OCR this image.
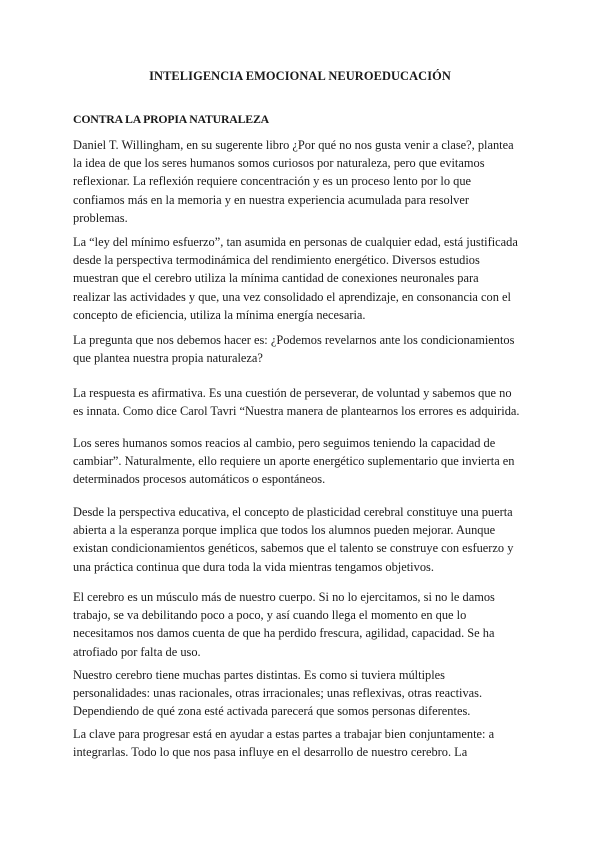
INTELIGENCIA EMOCIONAL NEUROEDUCACIÓN
CONTRA LA PROPIA NATURALEZA
Daniel T. Willingham, en su sugerente libro ¿Por qué no nos gusta venir a clase?, plantea
la idea de que los seres humanos somos curiosos por naturaleza, pero que evitamos
reflexionar. La reflexión requiere concentración y es un proceso lento por lo que
confiamos más en la memoria y en nuestra experiencia acumulada para resolver
problemas.
La “ley del mínimo esfuerzo”, tan asumida en personas de cualquier edad, está justificada
desde la perspectiva termodinámica del rendimiento energético. Diversos estudios
muestran que el cerebro utiliza la mínima cantidad de conexiones neuronales para
realizar las actividades y que, una vez consolidado el aprendizaje, en consonancia con el
concepto de eficiencia, utiliza la mínima energía necesaria.
La pregunta que nos debemos hacer es: ¿Podemos revelarnos ante los condicionamientos
que plantea nuestra propia naturaleza?
La respuesta es afirmativa. Es una cuestión de perseverar, de voluntad y sabemos que no
es innata. Como dice Carol Tavri “Nuestra manera de plantearnos los errores es adquirida.
Los seres humanos somos reacios al cambio, pero seguimos teniendo la capacidad de
cambiar”. Naturalmente, ello requiere un aporte energético suplementario que invierta en
determinados procesos automáticos o espontáneos.
Desde la perspectiva educativa, el concepto de plasticidad cerebral constituye una puerta
abierta a la esperanza porque implica que todos los alumnos pueden mejorar. Aunque
existan condicionamientos genéticos, sabemos que el talento se construye con esfuerzo y
una práctica continua que dura toda la vida mientras tengamos objetivos.
El cerebro es un músculo más de nuestro cuerpo. Si no lo ejercitamos, si no le damos
trabajo, se va debilitando poco a poco, y así cuando llega el momento en que lo
necesitamos nos damos cuenta de que ha perdido frescura, agilidad, capacidad. Se ha
atrofiado por falta de uso.
Nuestro cerebro tiene muchas partes distintas. Es como si tuviera múltiples
personalidades: unas racionales, otras irracionales; unas reflexivas, otras reactivas.
Dependiendo de qué zona esté activada parecerá que somos personas diferentes.
La clave para progresar está en ayudar a estas partes a trabajar bien conjuntamente: a
integrarlas. Todo lo que nos pasa influye en el desarrollo de nuestro cerebro. La
